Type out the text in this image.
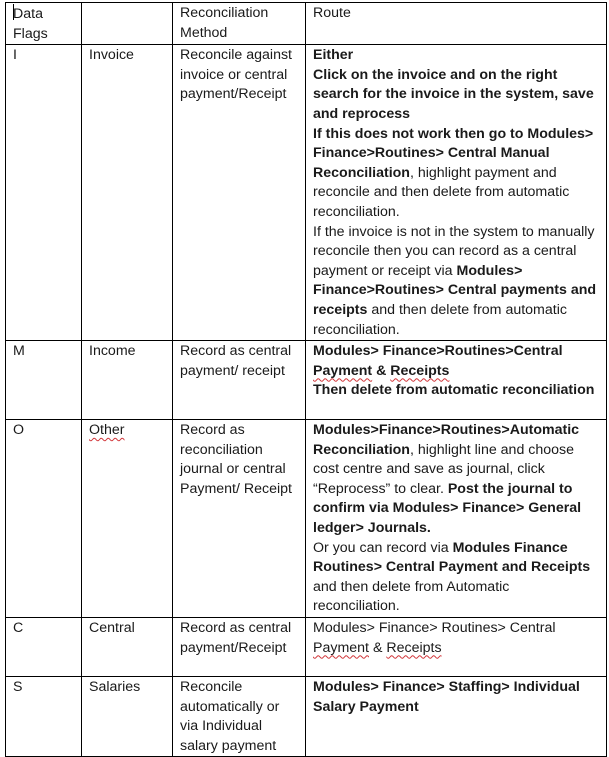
Data Flags		Reconciliation Method	Route
I	Invoice	Reconcile against invoice or central payment/Receipt	Either

Click on the invoice and on the right search for the invoice in the system, save and reprocess

If this does not work then go to Modules> Finance>Routines> Central Manual Reconciliation, highlight payment and reconcile and then delete from automatic reconciliation.

If the invoice is not in the system to manually reconcile then you can record as a central payment or receipt via Modules> Finance>Routines> Central payments and receipts and then delete from automatic reconciliation.

M	Income	Record as central payment/ receipt	Modules> Finance>Routines>Central Payment & Receipts

Then delete from automatic reconciliation

O	Other	Record as reconciliation journal or central Payment/ Receipt	Modules>Finance>Routines>Automatic Reconciliation, highlight line and choose cost centre and save as journal, click “Reprocess” to clear. Post the journal to confirm via Modules> Finance> General ledger> Journals.

Or you can record via Modules Finance Routines> Central Payment and Receipts and then delete from Automatic reconciliation.

C	Central	Record as central payment/Receipt	Modules> Finance> Routines> Central Payment & Receipts

S	Salaries	Reconcile automatically or via Individual salary payment	Modules> Finance> Staffing> Individual Salary Payment
